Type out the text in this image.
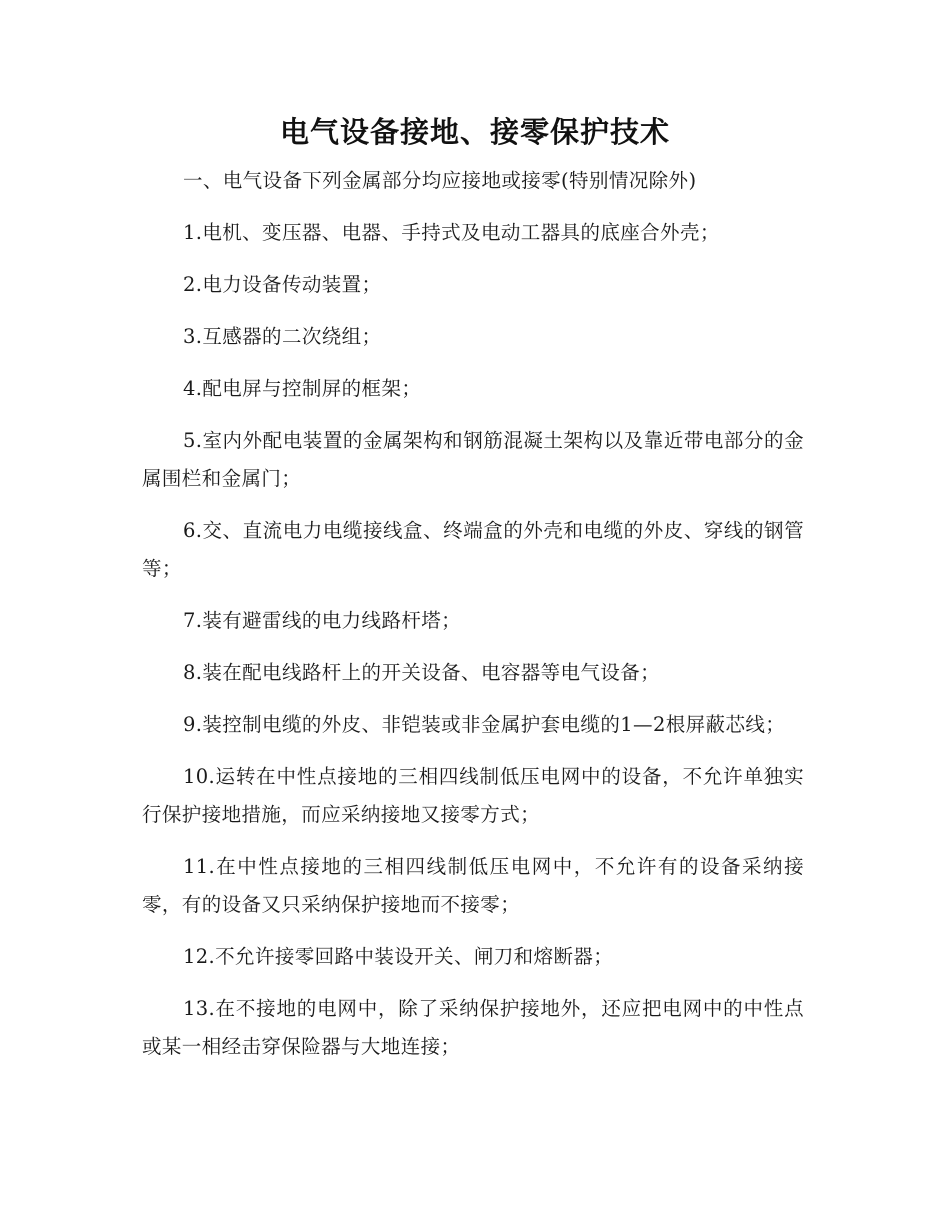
电气设备接地、接零保护技术

一、电气设备下列金属部分均应接地或接零(特别情况除外)

1.电机、变压器、电器、手持式及电动工器具的底座合外壳；

2.电力设备传动装置；

3.互感器的二次绕组；

4.配电屏与控制屏的框架；

5.室内外配电装置的金属架构和钢筋混凝土架构以及靠近带电部分的金属围栏和金属门；

6.交、直流电力电缆接线盒、终端盒的外壳和电缆的外皮、穿线的钢管等；

7.装有避雷线的电力线路杆塔；

8.装在配电线路杆上的开关设备、电容器等电气设备；

9.装控制电缆的外皮、非铠装或非金属护套电缆的1—2根屏蔽芯线；

10.运转在中性点接地的三相四线制低压电网中的设备，不允许单独实行保护接地措施，而应采纳接地又接零方式；

11.在中性点接地的三相四线制低压电网中，不允许有的设备采纳接零，有的设备又只采纳保护接地而不接零；

12.不允许接零回路中装设开关、闸刀和熔断器；

13.在不接地的电网中，除了采纳保护接地外，还应把电网中的中性点或某一相经击穿保险器与大地连接；
